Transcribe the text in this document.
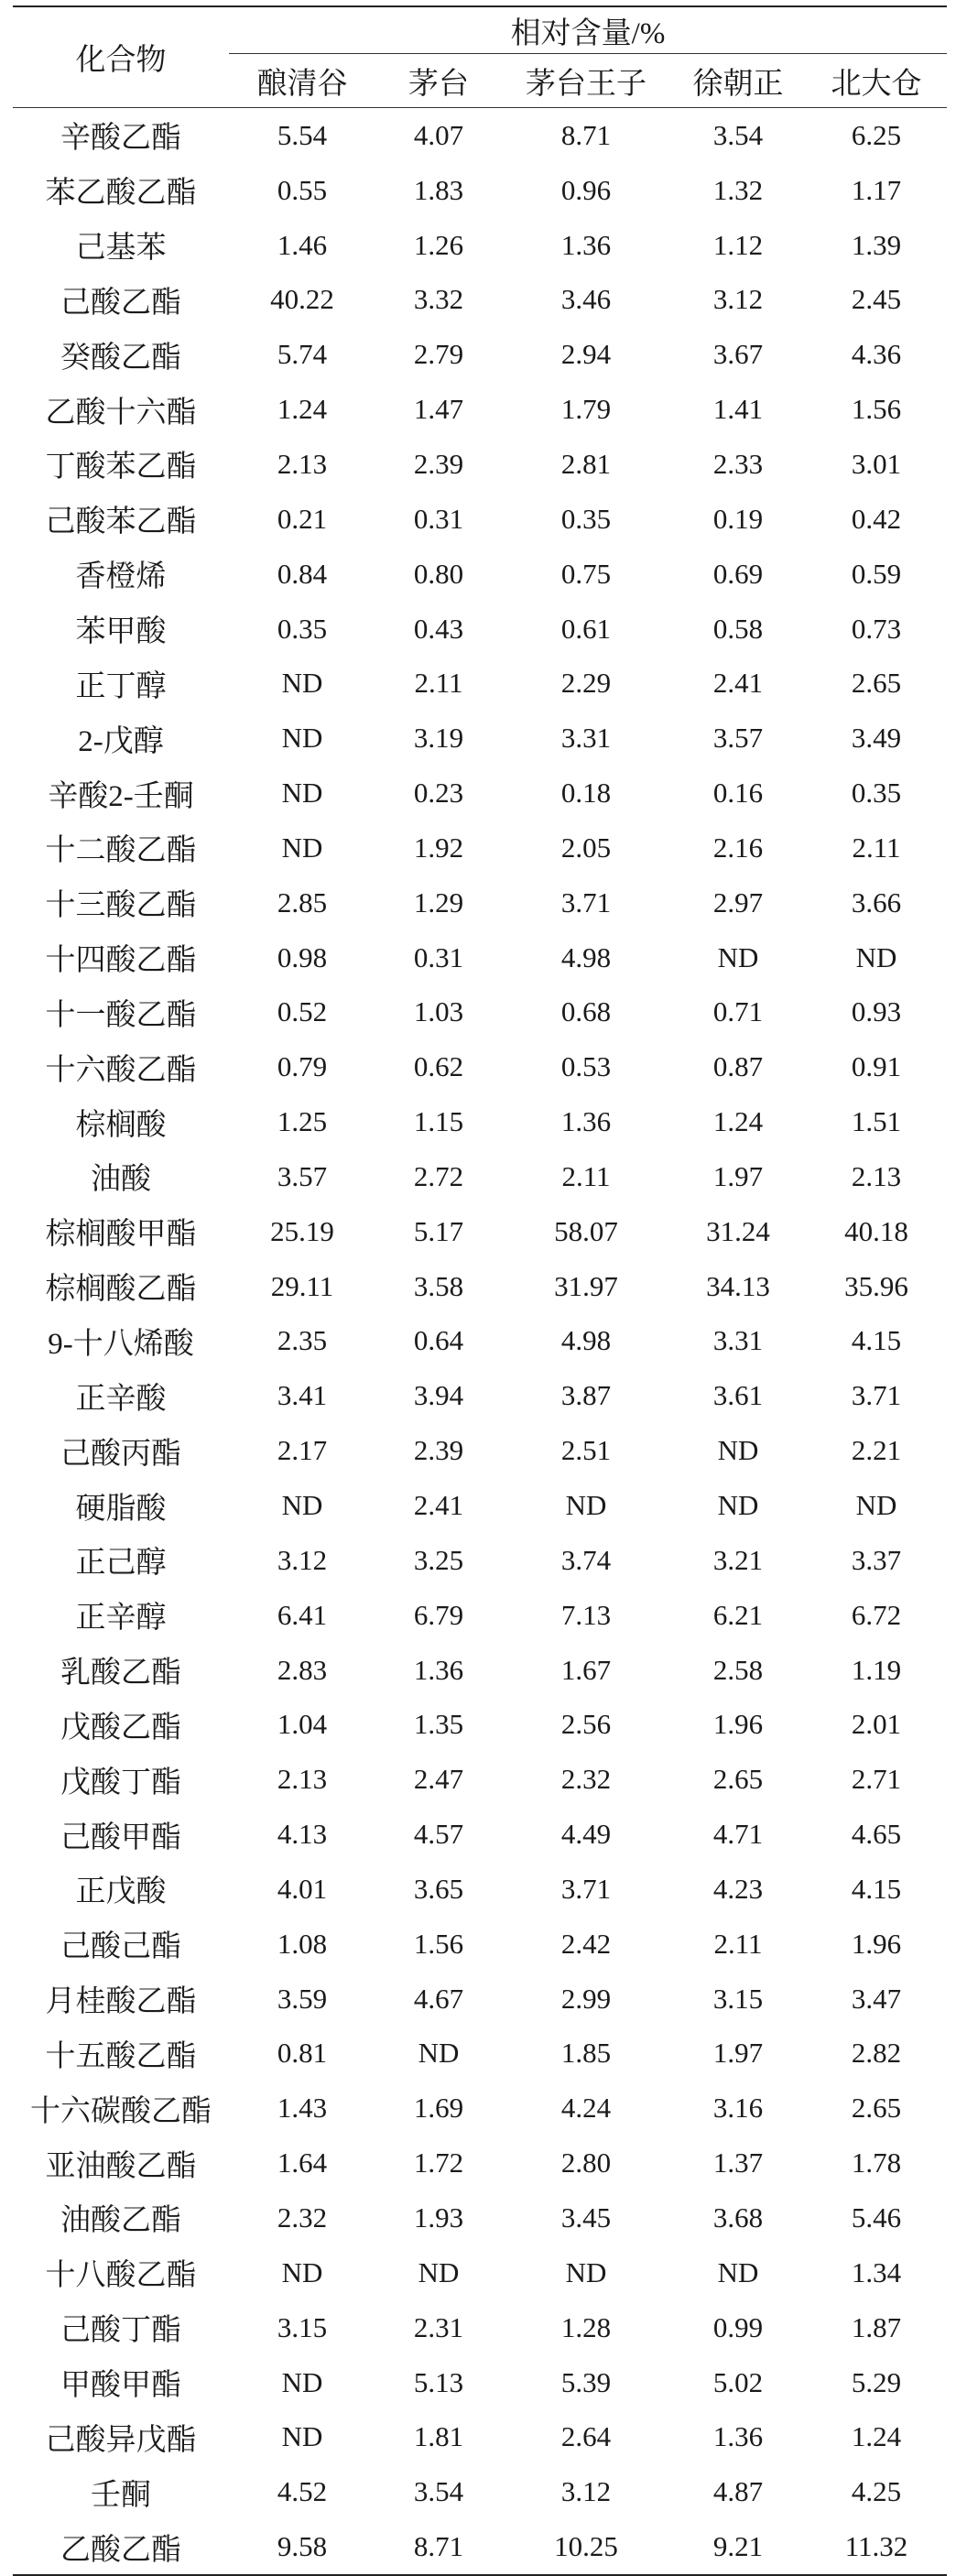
化合物	相对含量/%				
	酿清谷	茅台	茅台王子	徐朝正	北大仓
辛酸乙酯	5.54	4.07	8.71	3.54	6.25
苯乙酸乙酯	0.55	1.83	0.96	1.32	1.17
己基苯	1.46	1.26	1.36	1.12	1.39
己酸乙酯	40.22	3.32	3.46	3.12	2.45
癸酸乙酯	5.74	2.79	2.94	3.67	4.36
乙酸十六酯	1.24	1.47	1.79	1.41	1.56
丁酸苯乙酯	2.13	2.39	2.81	2.33	3.01
己酸苯乙酯	0.21	0.31	0.35	0.19	0.42
香橙烯	0.84	0.80	0.75	0.69	0.59
苯甲酸	0.35	0.43	0.61	0.58	0.73
正丁醇	ND	2.11	2.29	2.41	2.65
2-戊醇	ND	3.19	3.31	3.57	3.49
辛酸2-壬酮	ND	0.23	0.18	0.16	0.35
十二酸乙酯	ND	1.92	2.05	2.16	2.11
十三酸乙酯	2.85	1.29	3.71	2.97	3.66
十四酸乙酯	0.98	0.31	4.98	ND	ND
十一酸乙酯	0.52	1.03	0.68	0.71	0.93
十六酸乙酯	0.79	0.62	0.53	0.87	0.91
棕榈酸	1.25	1.15	1.36	1.24	1.51
油酸	3.57	2.72	2.11	1.97	2.13
棕榈酸甲酯	25.19	5.17	58.07	31.24	40.18
棕榈酸乙酯	29.11	3.58	31.97	34.13	35.96
9-十八烯酸	2.35	0.64	4.98	3.31	4.15
正辛酸	3.41	3.94	3.87	3.61	3.71
己酸丙酯	2.17	2.39	2.51	ND	2.21
硬脂酸	ND	2.41	ND	ND	ND
正己醇	3.12	3.25	3.74	3.21	3.37
正辛醇	6.41	6.79	7.13	6.21	6.72
乳酸乙酯	2.83	1.36	1.67	2.58	1.19
戊酸乙酯	1.04	1.35	2.56	1.96	2.01
戊酸丁酯	2.13	2.47	2.32	2.65	2.71
己酸甲酯	4.13	4.57	4.49	4.71	4.65
正戊酸	4.01	3.65	3.71	4.23	4.15
己酸己酯	1.08	1.56	2.42	2.11	1.96
月桂酸乙酯	3.59	4.67	2.99	3.15	3.47
十五酸乙酯	0.81	ND	1.85	1.97	2.82
十六碳酸乙酯	1.43	1.69	4.24	3.16	2.65
亚油酸乙酯	1.64	1.72	2.80	1.37	1.78
油酸乙酯	2.32	1.93	3.45	3.68	5.46
十八酸乙酯	ND	ND	ND	ND	1.34
己酸丁酯	3.15	2.31	1.28	0.99	1.87
甲酸甲酯	ND	5.13	5.39	5.02	5.29
己酸异戊酯	ND	1.81	2.64	1.36	1.24
壬酮	4.52	3.54	3.12	4.87	4.25
乙酸乙酯	9.58	8.71	10.25	9.21	11.32
